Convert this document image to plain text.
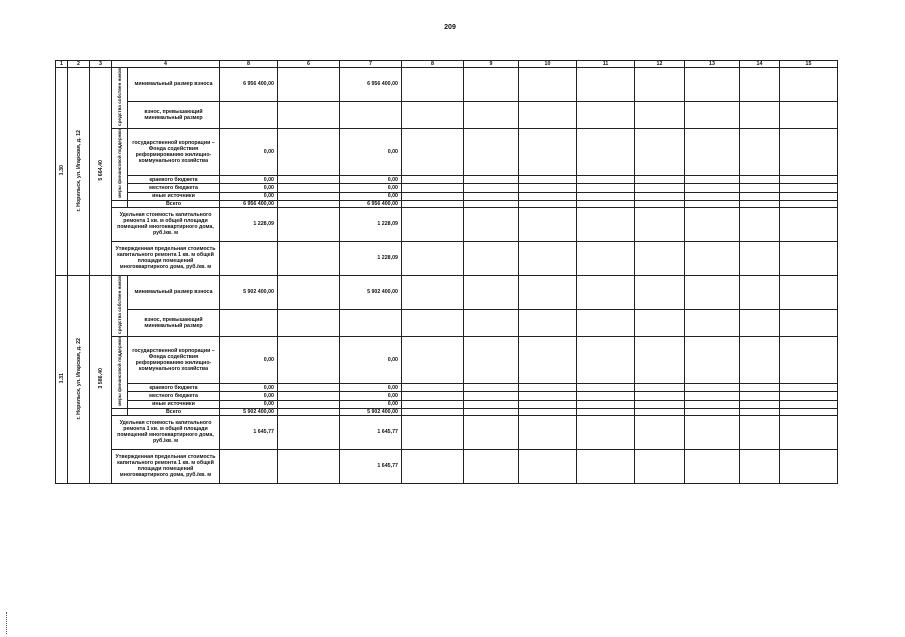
209
1	2	3	4		8	6	7	8	9	10	11	12	13	14	15
1.30	г. Норильск, ул. Игарская, д. 12	5 664,40	средства собствен ников	минимальный размер взноса	6 956 400,00		6 956 400,00								
				взнос, превышающий минимальный размер											
			меры финансовой поддержки	государственной корпорации – Фонда содействия реформированию жилищно-коммунального хозяйства	0,00		0,00								
				краевого бюджета	0,00		0,00								
				местного бюджета	0,00		0,00								
				иные источники	0,00		0,00								
				Всего	6 956 400,00		6 956 400,00								
			Удельная стоимость капитального ремонта 1 кв. м общей площади помещений многоквартирного дома, руб./кв. м		1 228,09		1 228,09								
			Утвержденная предельная стоимость капитального ремонта 1 кв. м общей площади помещений многоквартирного дома, руб./кв. м				1 228,09								
1.31	г. Норильск, ул. Игарская, д. 22	3 586,40	средства собствен ников	минимальный размер взноса	5 902 400,00		5 902 400,00								
				взнос, превышающий минимальный размер											
			меры финансовой поддержки	государственной корпорации – Фонда содействия реформированию жилищно-коммунального хозяйства	0,00		0,00								
				краевого бюджета	0,00		0,00								
				местного бюджета	0,00		0,00								
				иные источники	0,00		0,00								
				Всего	5 902 400,00		5 902 400,00								
			Удельная стоимость капитального ремонта 1 кв. м общей площади помещений многоквартирного дома, руб./кв. м		1 645,77		1 645,77								
			Утвержденная предельная стоимость капитального ремонта 1 кв. м общей площади помещений многоквартирного дома, руб./кв. м				1 645,77								
